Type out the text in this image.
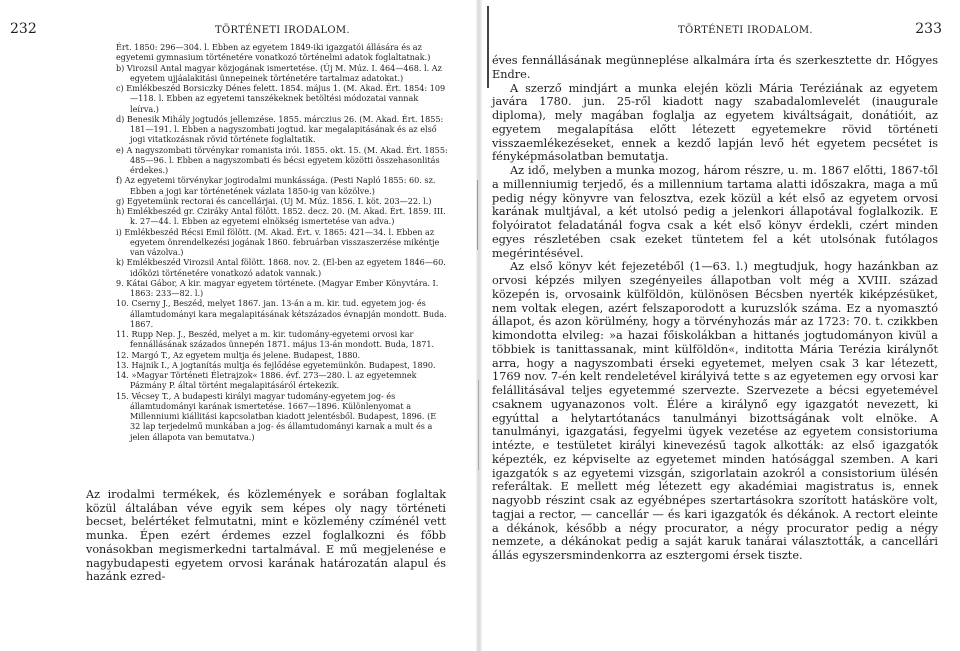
232	TÖRTÉNETI IRODALOM.
Ért. 1850: 296—304. l. Ebben az egyetem 1849-iki igazgatói állására és az egyetemi gymnasium történetére vonatkozó történelmi adatok foglaltatnak.)
b) Virozsil Antal magyar közjogának ismertetése. (Új M. Múz. I. 464—468. l. Az egyetem ujjáalakitási ünnepeinek történetére tartalmaz adatokat.)
c) Emlékbeszéd Borsiczky Dénes felett. 1854. május 1. (M. Akad. Ért. 1854: 109—118. l. Ebben az egyetemi tanszékeknek betöltési módozatai vannak leírva.)
d) Benesik Mihály jogtudós jellemzése. 1855. márczius 26. (M. Akad. Ért. 1855: 181—191. l. Ebben a nagyszombati jogtud. kar megalapitásának és az első jogi vitatkozásnak rövid története foglaltatik.
e) A nagyszombati törvénykar romanista irói. 1855. okt. 15. (M. Akad. Ért. 1855: 485—96. l. Ebben a nagyszombati és bécsi egyetem közötti összehasonlitás érdekes.)
f) Az egyetemi törvénykar jogirodalmi munkássága. (Pesti Napló 1855: 60. sz. Ebben a jogi kar történetének vázlata 1850-ig van közölve.)
g) Egyetemünk rectorai és cancellárjai. (Uj M. Múz. 1856. I. köt. 203—22. l.)
h) Emlékbeszéd gr. Cziráky Antal fölött. 1852. decz. 20. (M. Akad. Ért. 1859. III. k. 27—44. l. Ebben az egyetemi elnökség ismertetése van adva.)
i) Emlékbeszéd Récsi Emil fölött. (M. Akad. Ért. v. 1865: 421—34. l. Ebben az egyetem önrendelkezési jogának 1860. februárban visszaszerzése mikéntje van vázolva.)
k) Emlékbeszéd Virozsil Antal fölött. 1868. nov. 2. (El-ben az egyetem 1846—60. időközi történetére vonatkozó adatok vannak.)
9. Kátai Gábor, A kir. magyar egyetem története. (Magyar Ember Könyvtára. I. 1863: 233—82. l.)
10. Cserny J., Beszéd, melyet 1867. jan. 13-án a m. kir. tud. egyetem jog- és államtudományi kara megalapitásának kétszázados évnapján mondott. Buda. 1867.
11. Rupp Nep. J., Beszéd, melyet a m. kir. tudomány-egyetemi orvosi kar fennállásának százados ünnepén 1871. május 13-án mondott. Buda, 1871.
12. Margó T., Az egyetem multja és jelene. Budapest, 1880.
13. Hajnik I., A jogtanítás multja és fejlődése egyetemünkön. Budapest, 1890.
14. »Magyar Történeti Életrajzok« 1886. évf. 273—280. l. az egyetemnek Pázmány P. által történt megalapitásáról értekezik.
15. Vécsey T., A budapesti királyi magyar tudomány-egyetem jog- és államtudományi karának ismertetése. 1667—1896. Különlenyomat a Millenniumi kiállitási kapcsolatban kiadott jelentésből. Budapest, 1896. (E 32 lap terjedelmű munkában a jog- és államtudományi karnak a mult és a jelen állapota van bemutatva.)

Az irodalmi termékek, és közlemények e sorában foglaltak közül általában véve egyik sem képes oly nagy történeti becset, belértéket felmutatni, mint e közlemény czíménél vett munka. Épen ezért érdemes ezzel foglalkozni és főbb vonásokban megismerkedni tartalmával. E mű megjelenése e nagybudapesti egyetem orvosi karának határozatán alapul és hazánk ezred-

233
TÖRTÉNETI IRODALOM.

éves fennállásának megünneplése alkalmára írta és szerkesztette dr. Hőgyes Endre.

A szerző mindjárt a munka elején közli Mária Teréziának az egyetem javára 1780. jun. 25-ről kiadott nagy szabadalomlevelét (inaugurale diploma), mely magában foglalja az egyetem kiváltságait, donátióit, az egyetem megalapítása előtt létezett egyetemekre rövid történeti visszaemlékezéseket, ennek a kezdő lapján levő hét egyetem pecsétet is fényképmásolatban bemutatja.

Az idő, melyben a munka mozog, három részre, u. m. 1867 előtti, 1867-től a millenniumig terjedő, és a millennium tartama alatti időszakra, maga a mű pedig négy könyvre van felosztva, ezek közül a két első az egyetem orvosi karának multjával, a két utolsó pedig a jelenkori állapotával foglalkozik. E folyóiratot feladatánál fogva csak a két első könyv érdekli, czért minden egyes részletében csak ezeket tüntetem fel a két utolsónak futólagos megérintésével.

Az első könyv két fejezetéből (1—63. l.) megtudjuk, hogy hazánkban az orvosi képzés milyen szegényeiles állapotban volt még a XVIII. század közepén is, orvosaink külföldön, különösen Bécsben nyerték kiképzésüket, nem voltak elegen, azért felszaporodott a kuruzslók száma. Ez a nyomasztó állapot, és azon körülmény, hogy a törvényhozás már az 1723: 70. t. czikkben kimondotta elvileg: »a hazai főiskolákban a hittanés jogtudományon kivül a többiek is tanittassanak, mint külföldön«, inditotta Mária Terézia királynőt arra, hogy a nagyszombati érseki egyetemet, melyen csak 3 kar létezett, 1769 nov. 7-én kelt rendeletével királyivá tette s az egyetemen egy orvosi kar felállitásával teljes egyetemmé szervezte. Szervezete a bécsi egyetemével csaknem ugyanazonos volt. Élére a királynő egy igazgatót nevezett, ki egyúttal a helytartótanács tanulmányi bizottságának volt elnöke. A tanulmányi, igazgatási, fegyelmi ügyek vezetése az egyetem consistoriuma intézte, e testületet királyi kinevezésű tagok alkották: az első igazgatók képezték, ez képviselte az egyetemet minden hatósággal szemben. A kari igazgatók s az egyetemi vizsgán, szigorlatain azokról a consistorium ülésén referáltak. E mellett még létezett egy akadémiai magistratus is, ennek nagyobb részint csak az egyébnépes szertartásokra szorított hatásköre volt, tagjai a rector, — cancellár — és kari igazgatók és dékánok. A rectort eleinte a dékánok, később a négy procurator, a négy procurator pedig a négy nemzete, a dékánokat pedig a saját karuk tanárai választották, a cancellári állás egyszersmindenkorra az esztergomi érsek tiszte.
